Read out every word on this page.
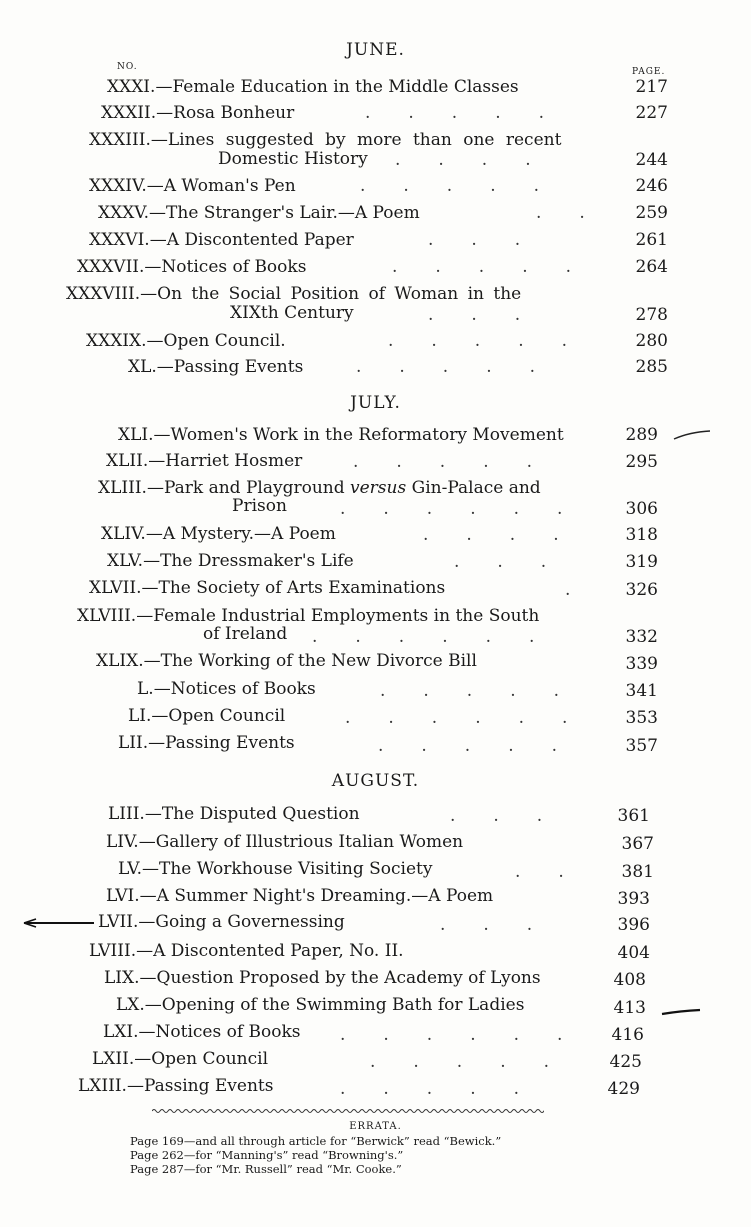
JUNE.
NO.	PAGE.
XXXI.—Female Education in the Middle Classes	217
XXXII.—Rosa Bonheur	227
XXXIII.—Lines suggested by more than one recent
Domestic History	244
XXXIV.—A Woman's Pen	246
XXXV.—The Stranger's Lair.—A Poem	259
XXXVI.—A Discontented Paper	261
XXXVII.—Notices of Books	264
XXXVIII.—On the Social Position of Woman in the
XIXth Century	278
XXXIX.—Open Council.	280
XL.—Passing Events	285
JULY.
XLI.—Women's Work in the Reformatory Movement	289
XLII.—Harriet Hosmer	295
XLIII.—Park and Playground versus Gin-Palace and
Prison	306
XLIV.—A Mystery.—A Poem	318
XLV.—The Dressmaker's Life	319
XLVII.—The Society of Arts Examinations	326
XLVIII.—Female Industrial Employments in the South
of Ireland	332
XLIX.—The Working of the New Divorce Bill	339
L.—Notices of Books	341
LI.—Open Council	353
LII.—Passing Events	357
AUGUST.
LIII.—The Disputed Question	361
LIV.—Gallery of Illustrious Italian Women	367
LV.—The Workhouse Visiting Society	381
LVI.—A Summer Night's Dreaming.—A Poem	393
LVII.—Going a Governessing	396
LVIII.—A Discontented Paper, No. II.	404
LIX.—Question Proposed by the Academy of Lyons	408
LX.—Opening of the Swimming Bath for Ladies	413
LXI.—Notices of Books	416
LXII.—Open Council	425
LXIII.—Passing Events	429
.....
....
.....
..
...
.....
...
.....
.....
.....
......
....
...
.
......
.....
......
.....
...
..
...
......
.....
.....
ERRATA.
Page 169—and all through article for “Berwick” read “Bewick.”
Page 262—for “Manning's” read “Browning's.”
Page 287—for “Mr. Russell” read “Mr. Cooke.”
